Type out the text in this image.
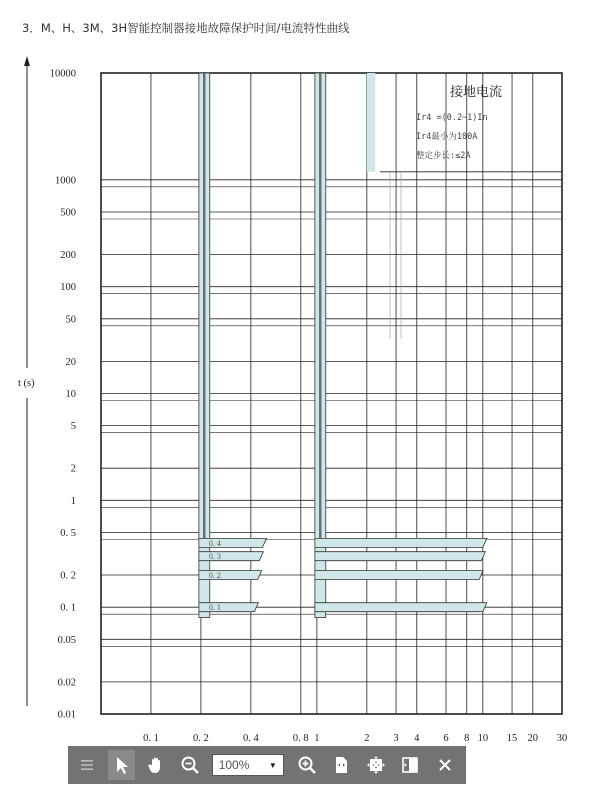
3．M、H、3M、3H智能控制器接地故障保护时间/电流特性曲线
0. 4
0. 3
0. 2
0. 1
接地电流
Ir4 =(0.2~1)In
Ir4最小为100A
整定步长:≤2A
10000
1000
500
200
100
50
20
10
5
2
1
0. 5
0. 2
0. 1
0.05
0.02
0.01
0. 1	0. 2	0. 4	0. 8 1	2 3 4 6 8 10 15 20 30
t (s)
100% ▼
